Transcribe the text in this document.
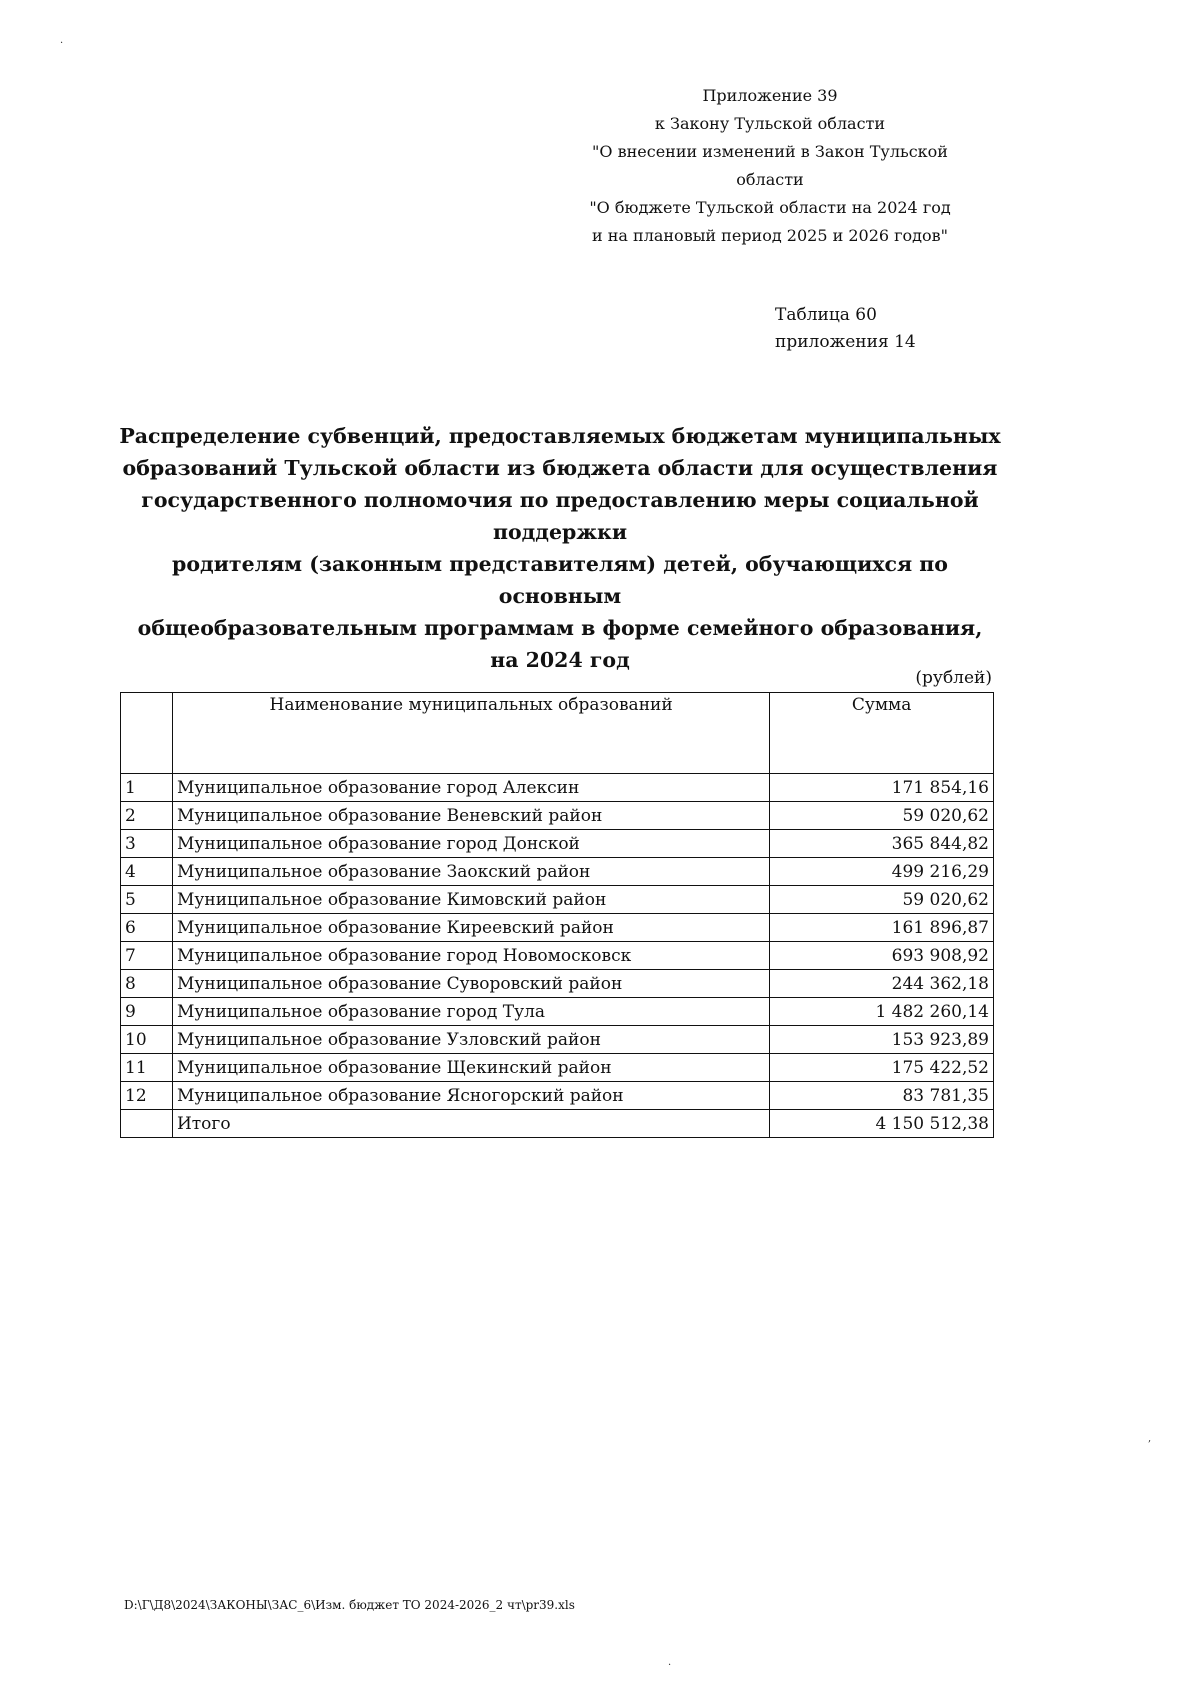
Приложение 39
к Закону Тульской области
"О внесении изменений в Закон Тульской области
"О бюджете Тульской области на 2024 год
и на плановый период 2025 и 2026 годов"
Таблица 60
приложения 14
Распределение субвенций, предоставляемых бюджетам муниципальных
образований Тульской области из бюджета области для осуществления
государственного полномочия по предоставлению меры социальной поддержки
родителям (законным представителям) детей, обучающихся по основным
общеобразовательным программам в форме семейного образования,
на 2024 год
(рублей)
	Наименование муниципальных образований	Сумма
1	Муниципальное образование город Алексин	171 854,16
2	Муниципальное образование Веневский район	59 020,62
3	Муниципальное образование город Донской	365 844,82
4	Муниципальное образование Заокский район	499 216,29
5	Муниципальное образование Кимовский район	59 020,62
6	Муниципальное образование Киреевский район	161 896,87
7	Муниципальное образование город Новомосковск	693 908,92
8	Муниципальное образование Суворовский район	244 362,18
9	Муниципальное образование город Тула	1 482 260,14
10	Муниципальное образование Узловский район	153 923,89
11	Муниципальное образование Щекинский район	175 422,52
12	Муниципальное образование Ясногорский район	83 781,35
	Итого	4 150 512,38
D:\Г\Д8\2024\ЗАКОНЫ\ЗАС_6\Изм. бюджет ТО 2024-2026_2 чт\pr39.xls
·
,
·
